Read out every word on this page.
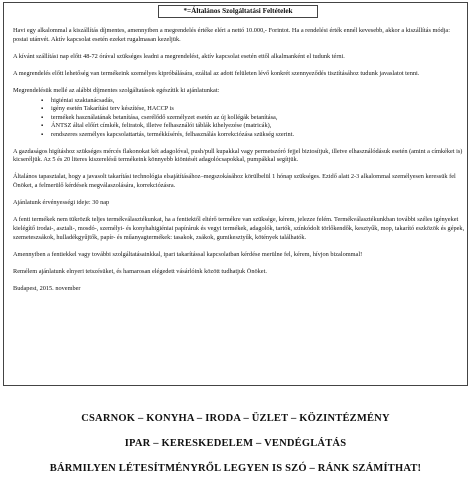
*=Általános Szolgáltatási Feltételek

Havi egy alkalommal a kiszállítás díjmentes, amennyiben a megrendelés értéke eléri a nettó 10.000,- Forintot. Ha a rendelési érték ennél kevesebb, akkor a kiszállítás módja: postai utánvét. Aktív kapcsolat esetén ezeket rugalmasan kezeljük.

A kívánt szállítási nap előtt 48-72 órával szükséges leadni a megrendelést, aktív kapcsolat esetén ettől alkalmanként el tudunk térni.

A megrendelés előtt lehetőség van termékeink személyes kipróbálására, ezáltal az adott felületen lévő konkrét szennyeződés tisztításához tudunk javaslatot tenni.

Megrendelésük mellé az alábbi díjmentes szolgáltatások egészítik ki ajánlatunkat:

▪ higiéniai szaktanácsadás,
▪ igény esetén Takarítási terv készítése, HACCP is
▪ termékek használatának betanítása, cserélődő személyzet esetén az új kollégák betanítása,
▪ ÁNTSZ által előírt címkék, feliratok, illetve felhasználói táblák kihelyezése (matricák),
▪ rendszeres személyes kapcsolattartás, termékkísérés, felhasználás korrekciózása szükség szerint.

A gazdaságos higításhoz szükséges mércés flakonokat két adagolóval, push/pull kupakkal vagy permetszóró fejjel biztosítjuk, illetve elhasználódásuk esetén (amint a címkéket is) kicseréljük. Az 5 és 20 literes kiszerelésű termékeink könnyebb kiöntését adagolócsapokkal, pumpákkal segítjük.

Általános tapasztalat, hogy a javasolt takarítási technológia elsajátításához–megszokásához körülbelül 1 hónap szükséges. Ezidő alatt 2-3 alkalommal személyesen keressük fel Önöket, a felmerülő kérdések megválaszolására, korrekciózásra.

Ajánlatunk érvényességi ideje: 30 nap

A fenti termékek nem tükrözik teljes termékválasztékunkat, ha a fentiektől eltérő termékre van szüksége, kérem, jelezze felém. Termékválasztékunkban további széles igényeket kielégítő irodai-, asztali-, mosdó-, személyi- és konyhahigiéniai papíráruk és vegyi termékek, adagolók, tartók, színkódolt törlőkendők, kesztyűk, mop, takarító eszközök és gépek, szemeteszsákok, hulladékgyűjtők, papír- és műanyagtermékek: tasakok, zsákok, gumikesztyűk, kötények találhatók.

Amennyiben a fentiekkel vagy további szolgáltatásainkkal, ipari takarítással kapcsolatban kérdése merülne fel, kérem, hívjon bizalommal!

Remélem ajánlatunk elnyeri tetszésüket, és hamarosan elégedett vásárlóink között tudhatjuk Önöket.

Budapest, 2015. november

CSARNOK – KONYHA – IRODA – ÜZLET – KÖZINTÉZMÉNY
IPAR – KERESKEDELEM – VENDÉGLÁTÁS
BÁRMILYEN LÉTESÍTMÉNYRŐL LEGYEN IS SZÓ – RÁNK SZÁMÍTHAT!
